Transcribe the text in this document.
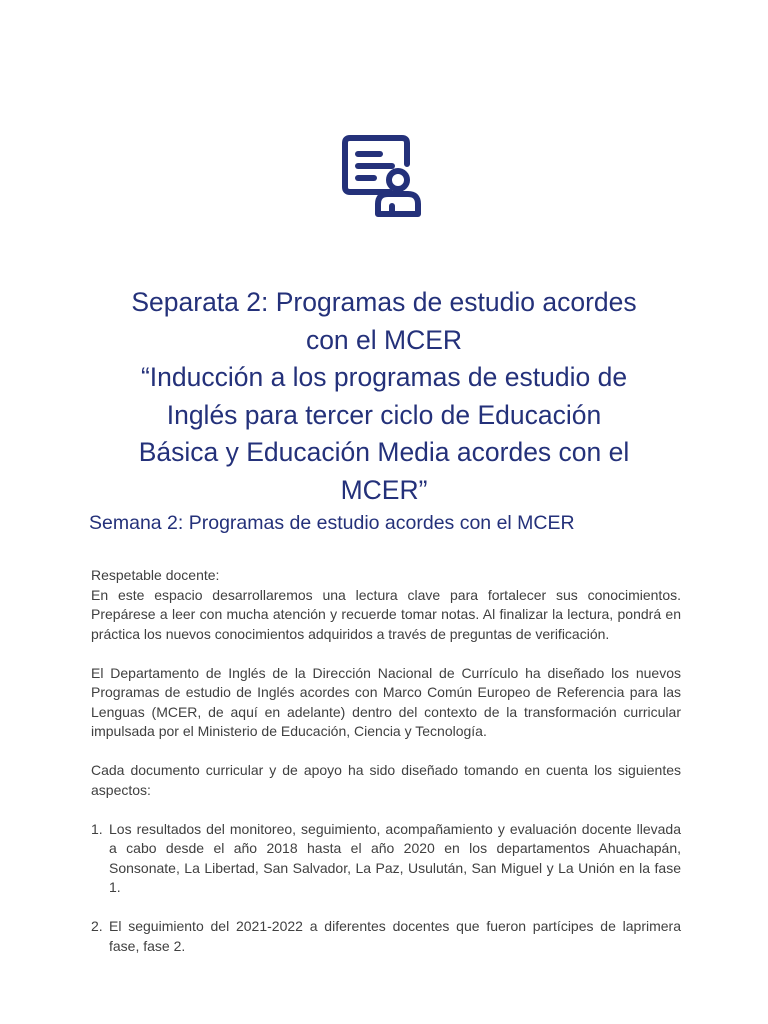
Separata 2: Programas de estudio acordes
con el MCER
“Inducción a los programas de estudio de
Inglés para tercer ciclo de Educación
Básica y Educación Media acordes con el
MCER”
Semana 2: Programas de estudio acordes con el MCER

Respetable docente:

En este espacio desarrollaremos una lectura clave para fortalecer sus conocimientos. Prepárese a leer con mucha atención y recuerde tomar notas. Al finalizar la lectura, pondrá en práctica los nuevos conocimientos adquiridos a través de preguntas de verificación.

El Departamento de Inglés de la Dirección Nacional de Currículo ha diseñado los nuevos Programas de estudio de Inglés acordes con Marco Común Europeo de Referencia para las Lenguas (MCER, de aquí en adelante) dentro del contexto de la transformación curricular impulsada por el Ministerio de Educación, Ciencia y Tecnología.

Cada documento curricular y de apoyo ha sido diseñado tomando en cuenta los siguientes aspectos:

1. Los resultados del monitoreo, seguimiento, acompañamiento y evaluación docente llevada a cabo desde el año 2018 hasta el año 2020 en los departamentos Ahuachapán, Sonsonate, La Libertad, San Salvador, La Paz, Usulután, San Miguel y La Unión en la fase 1.
2. El seguimiento del 2021-2022 a diferentes docentes que fueron partícipes de laprimera fase, fase 2.
